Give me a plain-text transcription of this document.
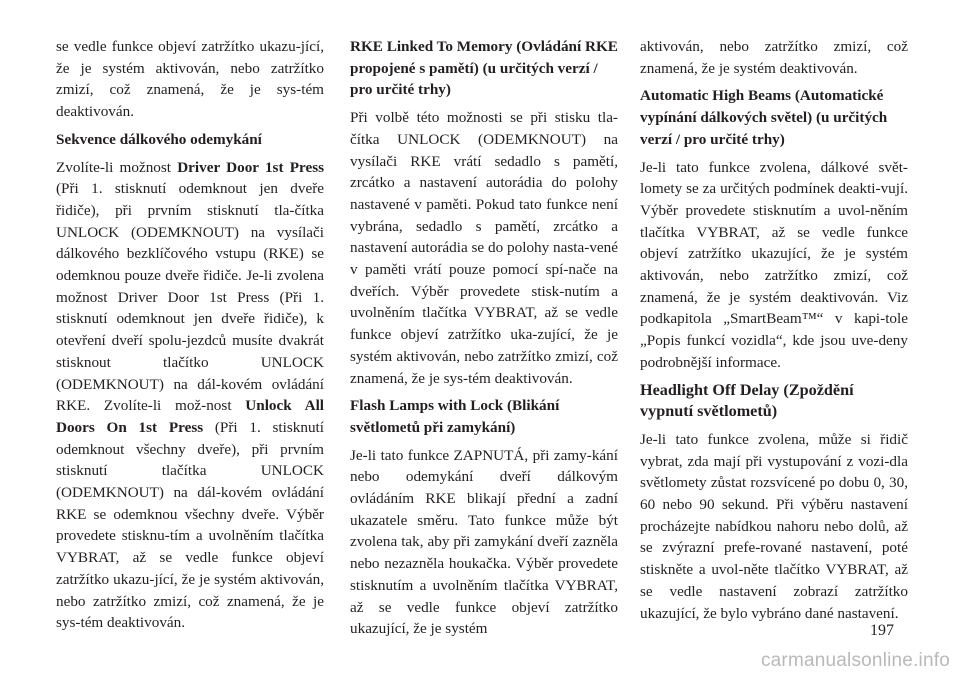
se vedle funkce objeví zatržítko ukazu-jící, že je systém aktivován, nebo zatržítko zmizí, což znamená, že je sys-tém deaktivován.

Sekvence dálkového odemykání

Zvolíte-li možnost Driver Door 1st Press (Při 1. stisknutí odemknout jen dveře řidiče), při prvním stisknutí tla-čítka UNLOCK (ODEMKNOUT) na vysílači dálkového bezklíčového vstupu (RKE) se odemknou pouze dveře řidiče. Je-li zvolena možnost Driver Door 1st Press (Při 1. stisknutí odemknout jen dveře řidiče), k otevření dveří spolu-jezdců musíte dvakrát stisknout tlačítko UNLOCK (ODEMKNOUT) na dál-kovém ovládání RKE. Zvolíte-li mož-nost Unlock All Doors On 1st Press (Při 1. stisknutí odemknout všechny dveře), při prvním stisknutí tlačítka UNLOCK (ODEMKNOUT) na dál-kovém ovládání RKE se odemknou všechny dveře. Výběr provedete stisknu-tím a uvolněním tlačítka VYBRAT, až se vedle funkce objeví zatržítko ukazu-jící, že je systém aktivován, nebo zatržítko zmizí, což znamená, že je sys-tém deaktivován.

RKE Linked To Memory (Ovládání RKE propojené s pamětí) (u určitých verzí / pro určité trhy)

Při volbě této možnosti se při stisku tla-čítka UNLOCK (ODEMKNOUT) na vysílači RKE vrátí sedadlo s pamětí, zrcátko a nastavení autorádia do polohy nastavené v paměti. Pokud tato funkce není vybrána, sedadlo s pamětí, zrcátko a nastavení autorádia se do polohy nasta-vené v paměti vrátí pouze pomocí spí-nače na dveřích. Výběr provedete stisk-nutím a uvolněním tlačítka VYBRAT, až se vedle funkce objeví zatržítko uka-zující, že je systém aktivován, nebo zatržítko zmizí, což znamená, že je sys-tém deaktivován.

Flash Lamps with Lock (Blikání světlometů při zamykání)

Je-li tato funkce ZAPNUTÁ, při zamy-kání nebo odemykání dveří dálkovým ovládáním RKE blikají přední a zadní ukazatele směru. Tato funkce může být zvolena tak, aby při zamykání dveří zazněla nebo nezazněla houkačka. Výběr provedete stisknutím a uvolněním tlačítka VYBRAT, až se vedle funkce objeví zatržítko ukazující, že je systém

aktivován, nebo zatržítko zmizí, což znamená, že je systém deaktivován.

Automatic High Beams (Automatické vypínání dálkových světel) (u určitých verzí / pro určité trhy)

Je-li tato funkce zvolena, dálkové svět-lomety se za určitých podmínek deakti-vují. Výběr provedete stisknutím a uvol-něním tlačítka VYBRAT, až se vedle funkce objeví zatržítko ukazující, že je systém aktivován, nebo zatržítko zmizí, což znamená, že je systém deaktivován. Viz podkapitola „SmartBeam™“ v kapi-tole „Popis funkcí vozidla“, kde jsou uve-deny podrobnější informace.

Headlight Off Delay (Zpoždění vypnutí světlometů)

Je-li tato funkce zvolena, může si řidič vybrat, zda mají při vystupování z vozi-dla světlomety zůstat rozsvícené po dobu 0, 30, 60 nebo 90 sekund. Při výběru nastavení procházejte nabídkou nahoru nebo dolů, až se zvýrazní prefe-rované nastavení, poté stiskněte a uvol-něte tlačítko VYBRAT, až se vedle nastavení zobrazí zatržítko ukazující, že bylo vybráno dané nastavení.

197
carmanualsonline.info
